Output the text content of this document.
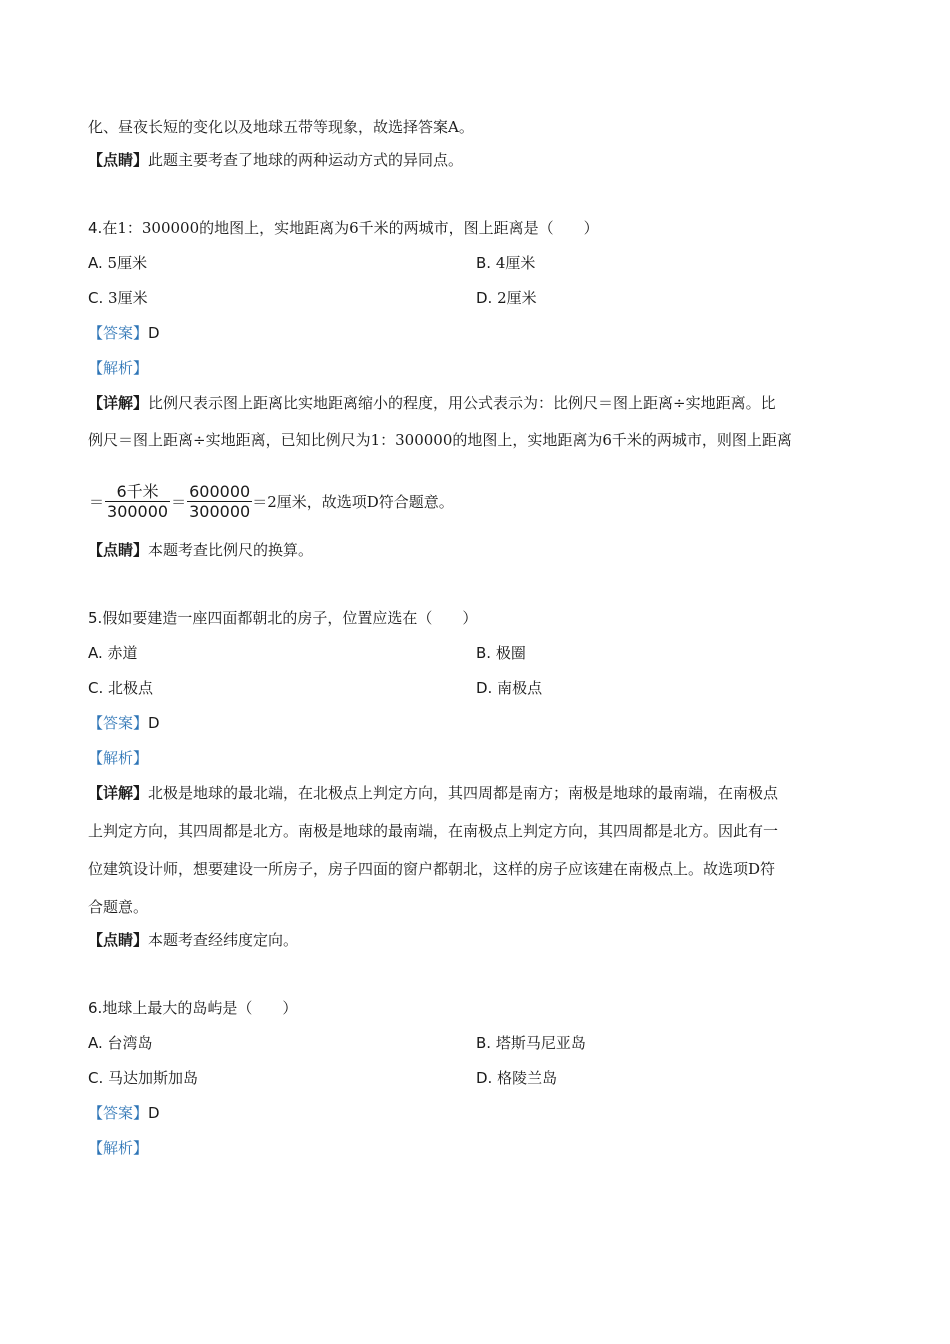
化、昼夜长短的变化以及地球五带等现象，故选择答案A。
【点睛】此题主要考查了地球的两种运动方式的异同点。
4.在1：300000的地图上，实地距离为6千米的两城市，图上距离是（　　）
A. 5厘米	B. 4厘米
C. 3厘米	D. 2厘米
【答案】D
【解析】
【详解】比例尺表示图上距离比实地距离缩小的程度，用公式表示为：比例尺＝图上距离÷实地距离。比
例尺＝图上距离÷实地距离，已知比例尺为1：300000的地图上，实地距离为6千米的两城市，则图上距离
＝ $\frac{\text{6千米}}{300000} = \frac{600000}{300000} =2$厘米，故选项D符合题意。
【点睛】本题考查比例尺的换算。
5.假如要建造一座四面都朝北的房子，位置应选在（　　）
A. 赤道	B. 极圈
C. 北极点	D. 南极点
【答案】D
【解析】
【详解】北极是地球的最北端，在北极点上判定方向，其四周都是南方；南极是地球的最南端，在南极点
上判定方向，其四周都是北方。南极是地球的最南端，在南极点上判定方向，其四周都是北方。因此有一
位建筑设计师，想要建设一所房子，房子四面的窗户都朝北，这样的房子应该建在南极点上。故选项D符
合题意。
【点睛】本题考查经纬度定向。
6.地球上最大的岛屿是（　　）
A. 台湾岛	B. 塔斯马尼亚岛
C. 马达加斯加岛	D. 格陵兰岛
【答案】D
【解析】
